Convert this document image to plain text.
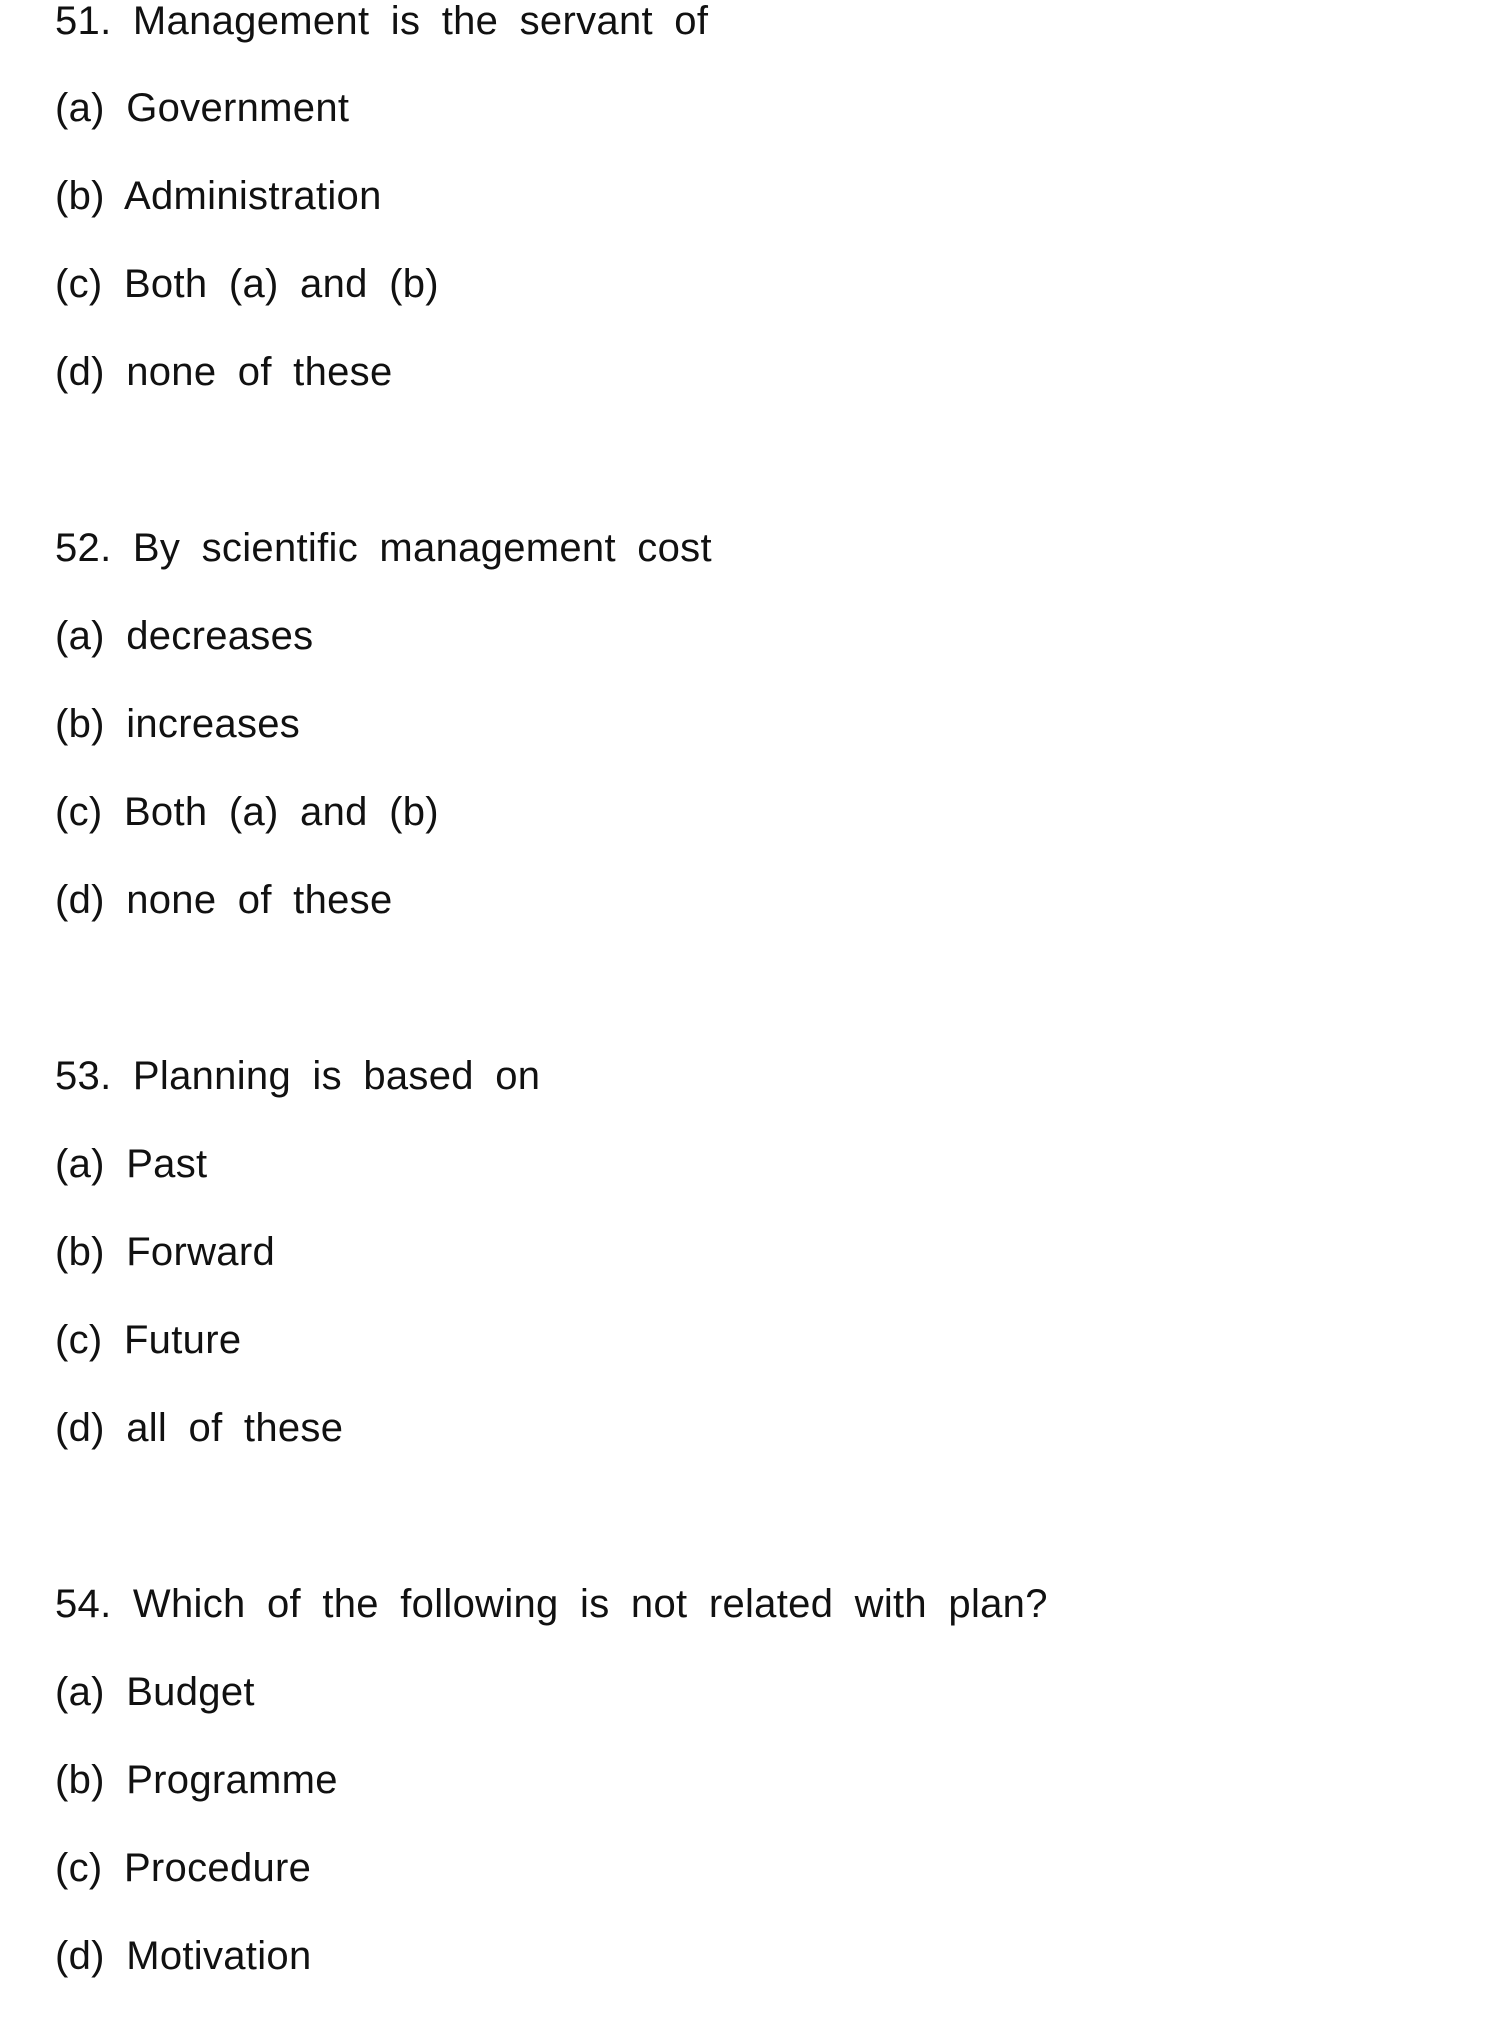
51. Management is the servant of
(a) Government
(b) Administration
(c) Both (a) and (b)
(d) none of these
52. By scientific management cost
(a) decreases
(b) increases
(c) Both (a) and (b)
(d) none of these
53. Planning is based on
(a) Past
(b) Forward
(c) Future
(d) all of these
54. Which of the following is not related with plan?
(a) Budget
(b) Programme
(c) Procedure
(d) Motivation
